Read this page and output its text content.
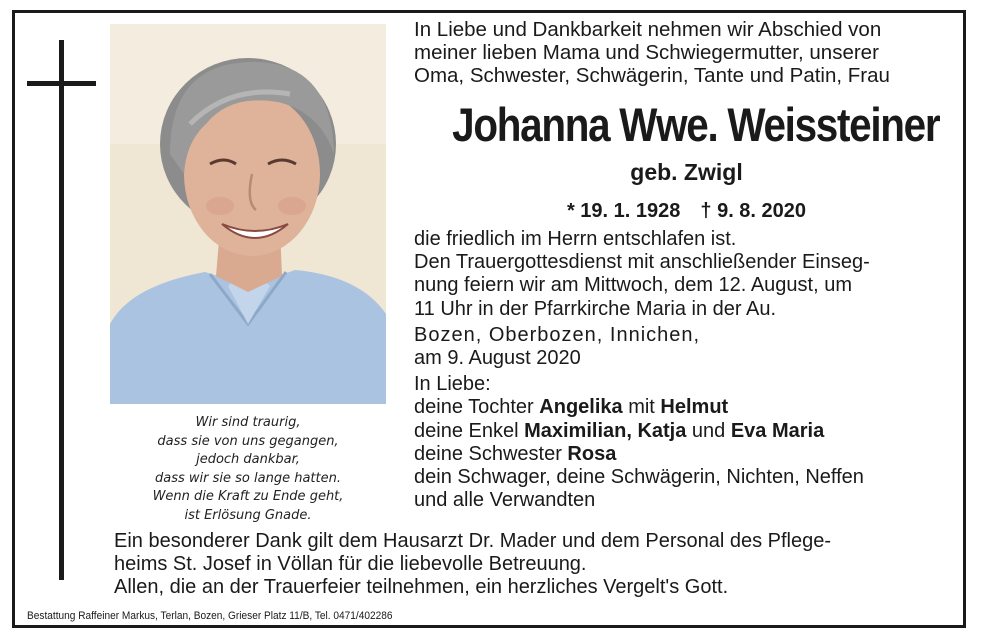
Wir sind traurig,
dass sie von uns gegangen,
jedoch dankbar,
dass wir sie so lange hatten.
Wenn die Kraft zu Ende geht,
ist Erlösung Gnade.
In Liebe und Dankbarkeit nehmen wir Abschied von
meiner lieben Mama und Schwiegermutter, unserer
Oma, Schwester, Schwägerin, Tante und Patin, Frau
Johanna Wwe. Weissteiner
geb. Zwigl
* 19. 1. 1928 † 9. 8. 2020
die friedlich im Herrn entschlafen ist.
Den Trauergottesdienst mit anschließender Einseg-
nung feiern wir am Mittwoch, dem 12. August, um
11 Uhr in der Pfarrkirche Maria in der Au.
Bozen, Oberbozen, Innichen,
am 9. August 2020
In Liebe:
deine Tochter Angelika mit Helmut
deine Enkel Maximilian, Katja und Eva Maria
deine Schwester Rosa
dein Schwager, deine Schwägerin, Nichten, Neffen
und alle Verwandten
Ein besonderer Dank gilt dem Hausarzt Dr. Mader und dem Personal des Pflege-
heims St. Josef in Völlan für die liebevolle Betreuung.
Allen, die an der Trauerfeier teilnehmen, ein herzliches Vergelt's Gott.
Bestattung Raffeiner Markus, Terlan, Bozen, Grieser Platz 11/B, Tel. 0471/402286
